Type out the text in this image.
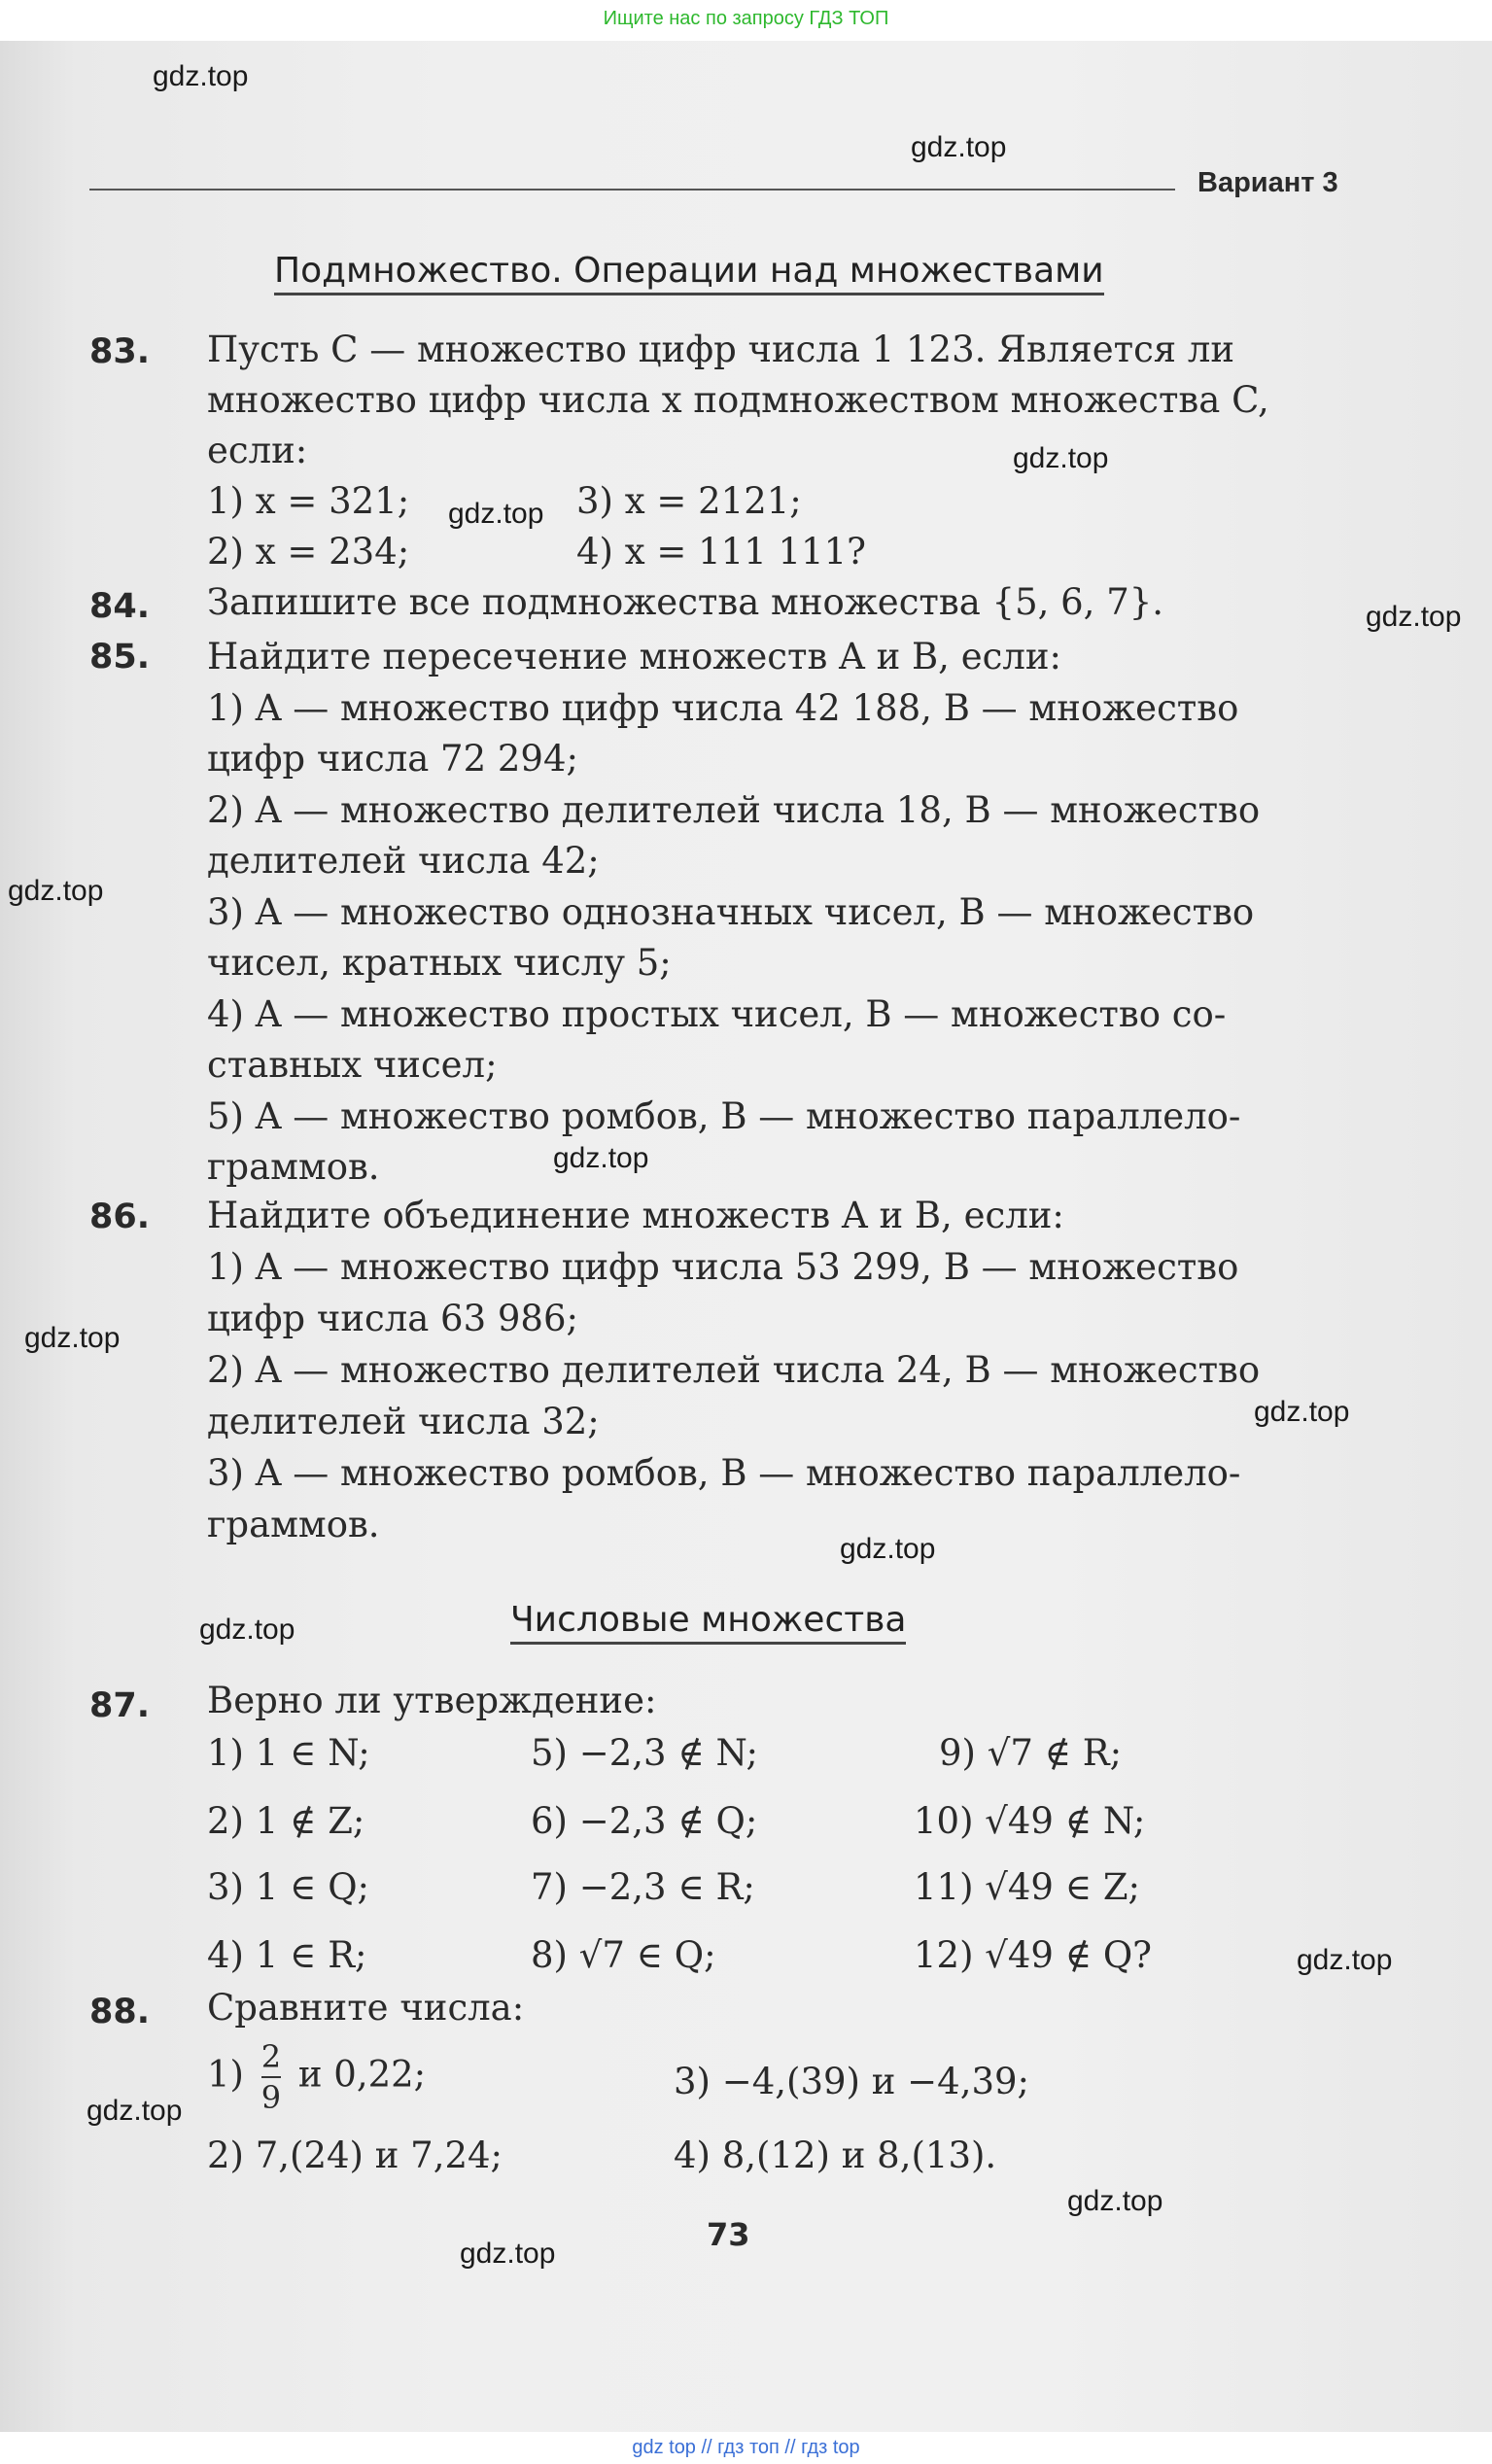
Ищите нас по запросу ГДЗ ТОП
gdz.top
gdz.top
gdz.top
gdz.top
gdz.top
gdz.top
gdz.top
gdz.top
gdz.top
gdz.top
gdz.top
gdz.top
gdz.top
gdz.top
gdz.top
Вариант 3
Подмножество. Операции над множествами
83. Пусть C — множество цифр числа 1 123. Является ли
множество цифр числа x подмножеством множества C,
если:
1) x = 321;
2) x = 234;
3) x = 2121;
4) x = 111 111?
84. Запишите все подмножества множества {5, 6, 7}.
85. Найдите пересечение множеств A и B, если:
1) A — множество цифр числа 42 188, B — множество
цифр числа 72 294;
2) A — множество делителей числа 18, B — множество
делителей числа 42;
3) A — множество однозначных чисел, B — множество
чисел, кратных числу 5;
4) A — множество простых чисел, B — множество со-
ставных чисел;
5) A — множество ромбов, B — множество параллело-
граммов.
86. Найдите объединение множеств A и B, если:
1) A — множество цифр числа 53 299, B — множество
цифр числа 63 986;
2) A — множество делителей числа 24, B — множество
делителей числа 32;
3) A — множество ромбов, B — множество параллело-
граммов.
Числовые множества
87. Верно ли утверждение:
1) 1 ∈ N;
2) 1 ∉ Z;
3) 1 ∈ Q;
4) 1 ∈ R;
5) −2,3 ∉ N;
6) −2,3 ∉ Q;
7) −2,3 ∈ R;
8) √7 ∈ Q;
9) √7 ∉ R;
10) √49 ∉ N;
11) √49 ∈ Z;
12) √49 ∉ Q?
88. Сравните числа:
$1) \frac{2}{9}$ и 0,22;
2) 7,(24) и 7,24;
3) −4,(39) и −4,39;
4) 8,(12) и 8,(13).
73
gdz top // гдз топ // гдз top
